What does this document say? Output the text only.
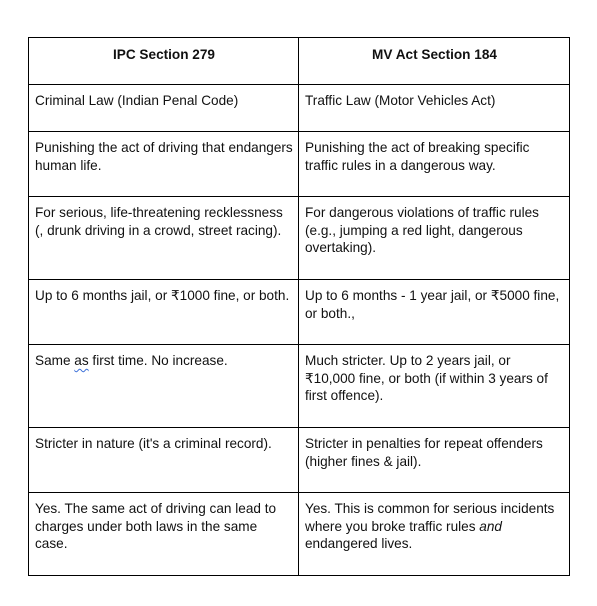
IPC Section 279	MV Act Section 184
Criminal Law (Indian Penal Code)	Traffic Law (Motor Vehicles Act)
Punishing the act of driving that endangers human life.	Punishing the act of breaking specific traffic rules in a dangerous way.
For serious, life-threatening recklessness (, drunk driving in a crowd, street racing).	For dangerous violations of traffic rules (e.g., jumping a red light, dangerous overtaking).
Up to 6 months jail, or ₹1000 fine, or both.	Up to 6 months - 1 year jail, or ₹5000 fine, or both.,
Same as first time. No increase.	Much stricter. Up to 2 years jail, or ₹10,000 fine, or both (if within 3 years of first offence).
Stricter in nature (it's a criminal record).	Stricter in penalties for repeat offenders (higher fines & jail).
Yes. The same act of driving can lead to charges under both laws in the same case.	Yes. This is common for serious incidents where you broke traffic rules and endangered lives.
